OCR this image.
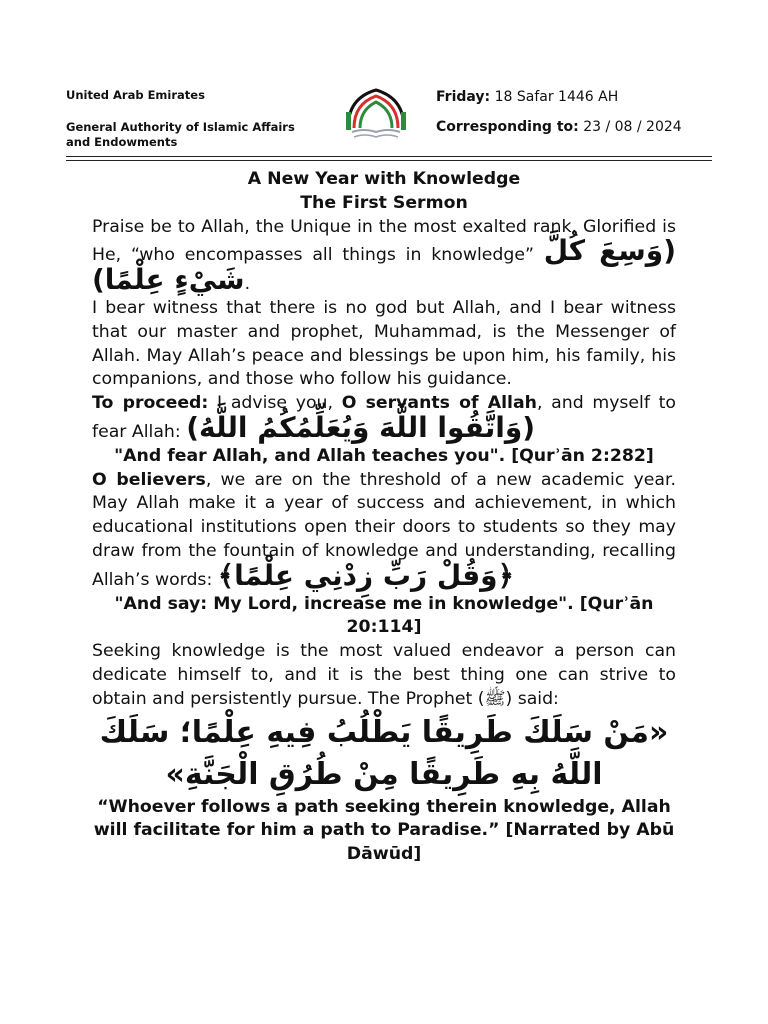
United Arab Emirates
General Authority of Islamic Affairs and Endowments
Friday: 18 Safar 1446 AH
Corresponding to: 23 / 08 / 2024

A New Year with Knowledge

The First Sermon

Praise be to Allah, the Unique in the most exalted rank. Glorified is He, “who encompasses all things in knowledge” (وَسِعَ كُلَّ شَيْءٍ عِلْمًا).

I bear witness that there is no god but Allah, and I bear witness that our master and prophet, Muhammad, is the Messenger of Allah. May Allah’s peace and blessings be upon him, his family, his companions, and those who follow his guidance.

To proceed: I advise you, O servants of Allah, and myself to fear Allah: (وَاتَّقُوا اللَّهَ وَيُعَلِّمُكُمُ اللَّهُ)

"And fear Allah, and Allah teaches you". [Qurʾān 2:282]

O believers, we are on the threshold of a new academic year. May Allah make it a year of success and achievement, in which educational institutions open their doors to students so they may draw from the fountain of knowledge and understanding, recalling Allah’s words: ﴿وَقُلْ رَبِّ زِدْنِي عِلْمًا﴾

"And say: My Lord, increase me in knowledge". [Qurʾān 20:114]

Seeking knowledge is the most valued endeavor a person can dedicate himself to, and it is the best thing one can strive to obtain and persistently pursue. The Prophet (ﷺ) said:

«مَنْ سَلَكَ طَرِيقًا يَطْلُبُ فِيهِ عِلْمًا؛ سَلَكَ اللَّهُ بِهِ طَرِيقًا مِنْ طُرُقِ الْجَنَّةِ»

“Whoever follows a path seeking therein knowledge, Allah will facilitate for him a path to Paradise.” [Narrated by Abū Dāwūd]
